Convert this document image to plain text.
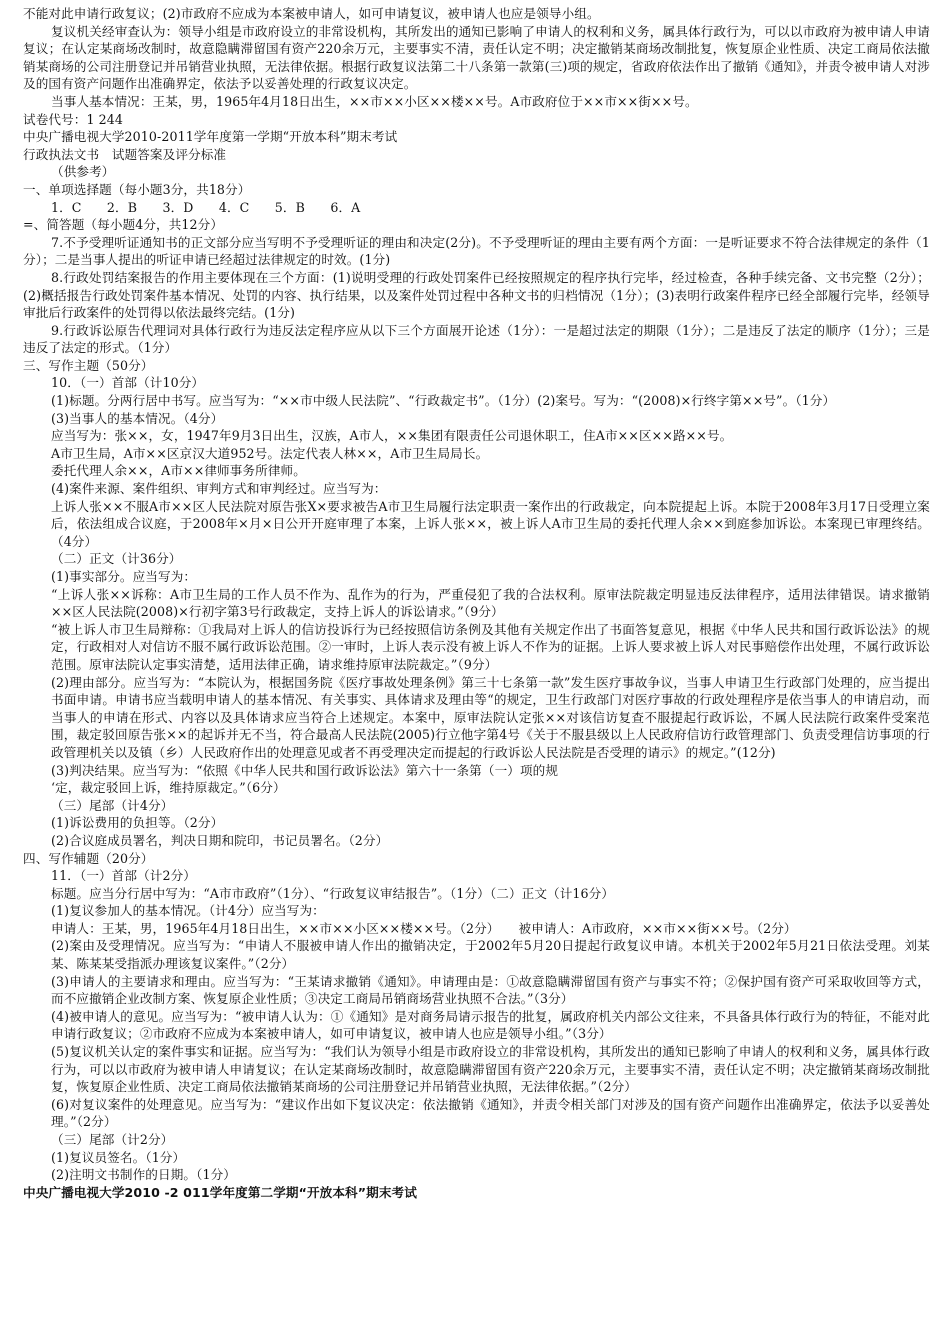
不能对此申请行政复议；(2)市政府不应成为本案被申请人，如可申请复议，被申请人也应是领导小组。

复议机关经审查认为：领导小组是市政府设立的非常设机构，其所发出的通知已影响了申请人的权利和义务，属具体行政行为，可以以市政府为被申请人申请复议；在认定某商场改制时，故意隐瞒滞留国有资产220余万元，主要事实不清，责任认定不明；决定撤销某商场改制批复，恢复原企业性质、决定工商局依法撤销某商场的公司注册登记并吊销营业执照，无法律依据。根据行政复议法第二十八条第一款第(三)项的规定，省政府依法作出了撤销《通知》，并责令被申请人对涉及的国有资产问题作出准确界定，依法予以妥善处理的行政复议决定。

当事人基本情况：王某，男，1965年4月18日出生，××市××小区××楼××号。A市政府位于××市××街××号。

试卷代号：1 244

中央广播电视大学2010-2011学年度第一学期“开放本科”期末考试

行政执法文书　试题答案及评分标准

（供参考）

一、单项选择题（每小题3分，共18分）

1．C　　2．B　　3．D　　4．C　　5．B　　6．A

=、简答题（每小题4分，共12分）

7.不予受理听证通知书的正文部分应当写明不予受理听证的理由和决定(2分)。不予受理听证的理由主要有两个方面：一是听证要求不符合法律规定的条件（1分）；二是当事人提出的听证申请已经超过法律规定的时效。(1分)

8.行政处罚结案报告的作用主要体现在三个方面：(1)说明受理的行政处罚案件已经按照规定的程序执行完毕，经过检查，各种手续完备、文书完整（2分）；(2)概括报告行政处罚案件基本情况、处罚的内容、执行结果，以及案件处罚过程中各种文书的归档情况（1分）；(3)表明行政案件程序已经全部履行完毕，经领导审批后行政案件的处罚得以依法最终完结。(1分)

9.行政诉讼原告代理词对具体行政行为违反法定程序应从以下三个方面展开论述（1分）：一是超过法定的期限（1分）；二是违反了法定的顺序（1分）；三是违反了法定的形式。（1分）

三、写作主题（50分）

10．（一）首部（计10分）

(1)标题。分两行居中书写。应当写为：“××市中级人民法院”、“行政裁定书”。（1分）(2)案号。写为：“(2008)×行终字第××号”。（1分）

(3)当事人的基本情况。（4分）

应当写为：张××，女，1947年9月3日出生，汉族，A市人，××集团有限责任公司退休职工，住A市××区××路××号。

A市卫生局，A市××区京汉大道952号。法定代表人林××，A市卫生局局长。

委托代理人余××，A市××律师事务所律师。

(4)案件来源、案件组织、审判方式和审判经过。应当写为：

上诉人张××不服A市××区人民法院对原告张X×要求被告A市卫生局履行法定职责一案作出的行政裁定，向本院提起上诉。本院于2008年3月17日受理立案后，依法组成合议庭，于2008年×月×日公开开庭审理了本案，上诉人张××，被上诉人A市卫生局的委托代理人余××到庭参加诉讼。本案现已审理终结。（4分）

（二）正文（计36分）

(1)事实部分。应当写为：

“上诉人张××诉称：A市卫生局的工作人员不作为、乱作为的行为，严重侵犯了我的合法权利。原审法院裁定明显违反法律程序，适用法律错误。请求撤销××区人民法院(2008)×行初字第3号行政裁定，支持上诉人的诉讼请求。”（9分）

“被上诉人市卫生局辩称：①我局对上诉人的信访投诉行为已经按照信访条例及其他有关规定作出了书面答复意见，根据《中华人民共和国行政诉讼法》的规定，行政相对人对信访不服不属行政诉讼范围。②一审时，上诉人表示没有被上诉人不作为的证据。上诉人要求被上诉人对民事赔偿作出处理，不属行政诉讼范围。原审法院认定事实清楚，适用法律正确，请求维持原审法院裁定。”（9分）

(2)理由部分。应当写为：“本院认为，根据国务院《医疗事故处理条例》第三十七条第一款”发生医疗事故争议，当事人申请卫生行政部门处理的，应当提出书面申请。申请书应当载明申请人的基本情况、有关事实、具体请求及理由等“的规定，卫生行政部门对医疗事故的行政处理程序是依当事人的申请启动，而当事人的申请在形式、内容以及具体请求应当符合上述规定。本案中，原审法院认定张××对该信访复查不服提起行政诉讼，不属人民法院行政案件受案范围，裁定驳回原告张××的起诉并无不当，符合最高人民法院(2005)行立他字第4号《关于不服县级以上人民政府信访行政管理部门、负责受理信访事项的行政管理机关以及镇（乡）人民政府作出的处理意见或者不再受理决定而提起的行政诉讼人民法院是否受理的请示》的规定。”(12分)

(3)判决结果。应当写为：“依照《中华人民共和国行政诉讼法》第六十一条第（一）项的规

‘定，裁定驳回上诉，维持原裁定。”（6分）

（三）尾部（计4分）

(1)诉讼费用的负担等。（2分）

(2)合议庭成员署名，判决日期和院印，书记员署名。（2分）

四、写作辅题（20分）

11．（一）首部（计2分）

标题。应当分行居中写为：“A市市政府”（1分）、“行政复议审结报告”。（1分）（二）正文（计16分）

(1)复议参加人的基本情况。（计4分）应当写为：

申请人：王某，男，1965年4月18日出生，××市××小区××楼××号。（2分）　　被申请人：A市政府，××市××街××号。（2分）

(2)案由及受理情况。应当写为：“申请人不服被申请人作出的撤销决定，于2002年5月20日提起行政复议申请。本机关于2002年5月21日依法受理。刘某某、陈某某受指派办理该复议案件。”（2分）

(3)申请人的主要请求和理由。应当写为：“王某请求撤销《通知》。申请理由是：①故意隐瞒滞留国有资产与事实不符；②保护国有资产可采取收回等方式，而不应撤销企业改制方案、恢复原企业性质；③决定工商局吊销商场营业执照不合法。”（3分）

(4)被申请人的意见。应当写为：“被申请人认为：①《通知》是对商务局请示报告的批复，属政府机关内部公文往来，不具备具体行政行为的特征，不能对此申请行政复议；②市政府不应成为本案被申请人，如可申请复议，被申请人也应是领导小组。”（3分）

(5)复议机关认定的案件事实和证据。应当写为：“我们认为领导小组是市政府设立的非常设机构，其所发出的通知已影响了申请人的权利和义务，属具体行政行为，可以以市政府为被申请人申请复议；在认定某商场改制时，故意隐瞒滞留国有资产220余万元，主要事实不清，责任认定不明；决定撤销某商场改制批复，恢复原企业性质、决定工商局依法撤销某商场的公司注册登记并吊销营业执照，无法律依据。”（2分）

(6)对复议案件的处理意见。应当写为：“建议作出如下复议决定：依法撤销《通知》，并责令相关部门对涉及的国有资产问题作出准确界定，依法予以妥善处理。”（2分）

（三）尾部（计2分）

(1)复议员签名。（1分）

(2)注明文书制作的日期。（1分）

中央广播电视大学2010 -2 011学年度第二学期“开放本科”期末考试
